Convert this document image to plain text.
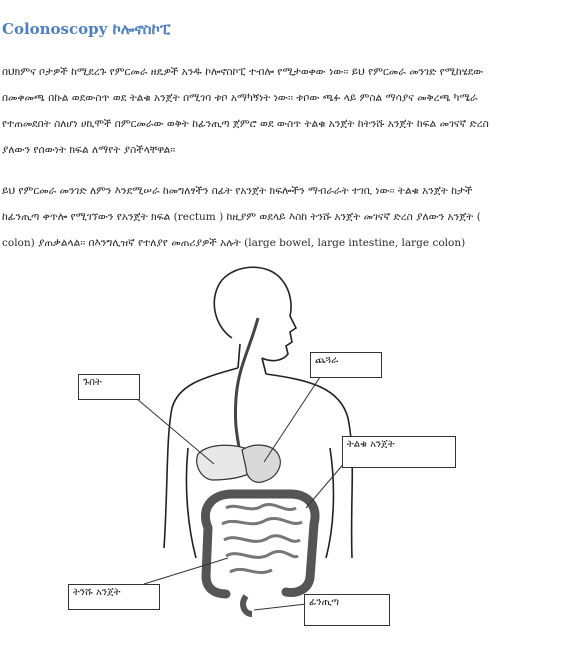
Colonoscopy ኮሎኖስኮፒ
በህክምና ቦታዎች ከሚደረጉ የምርመራ ዘዴዎች አንዱ ኮሎኖስኮፒ ተብሎ የሚታወቀው ነው፡፡ ይህ የምርመራ መንገድ የሚከሄደው
በመቀመጫ በኩል ወደውስጥ ወደ ትልቁ አንጀት በሚገባ ቱቦ አማካኝነት ነው፡፡ ቱቦው ጫፉ ላይ ምስል ማሳያና መቅረጫ ካሜራ
የተጠመደበት ስለሆነ ሀኪሞች በምርመራው ወቅት ከፊንጢጣ ጀምሮ ወደ ውስጥ ትልቁ አንጀት ከትንሹ አንጀት ከፍል መገናኛ ድረስ
ያለውን የሰውነት ክፍል ለማየት ያስችላቸዋል፡፡
ይህ የምርመራ መንገድ ለምን እንደሚሠራ ከመግለፃችን በፊት የአንጀት ክፍሎችን ማብራራት ተገቢ ነው፡፡ ትልቁ አንጀት ከታች
ከፊንጢጣ ቀጥሎ የሚገኘውን የአንጀት ክፍል (rectum ) ከዚያም ወደላይ እስከ ትንሹ አንጀት መገናኛ ድረስ ያለውን አንጀት (
colon) ያጠቃልላል፡፡ በእንግሊዝኛ የተለያየ መጠሪያዎች አሉት (large bowel, large intestine, large colon)
ጉበት
ጨጓራ
ትልቁ አንጀት
ትንሹ አንጀት
ፊንጢጣ
